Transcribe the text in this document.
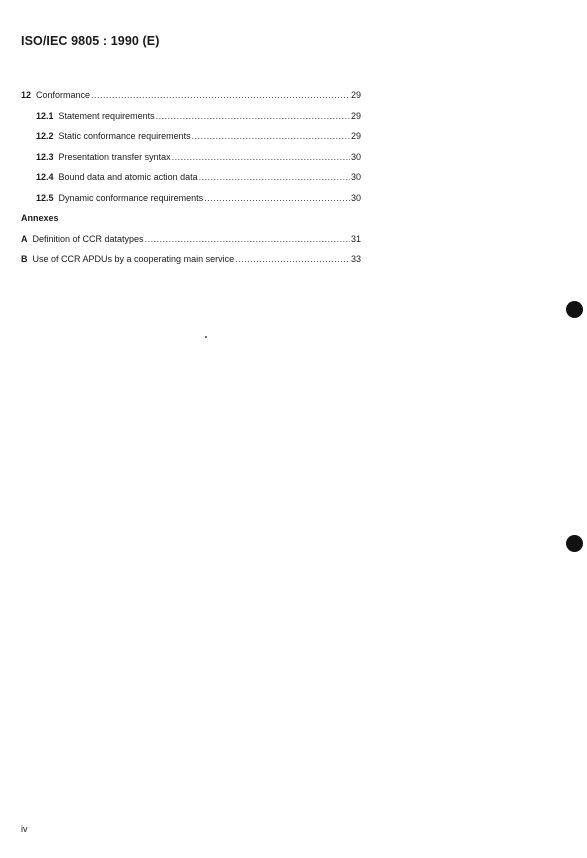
ISO/IEC 9805 : 1990 (E)
12 Conformance .....	29
12.1 Statement requirements .....	29
12.2 Static conformance requirements .....	29
12.3 Presentation transfer syntax .....	30
12.4 Bound data and atomic action data .....	30
12.5 Dynamic conformance requirements .....	30
Annexes
A Definition of CCR datatypes .....	31
B Use of CCR APDUs by a cooperating main service .....	33
iv
